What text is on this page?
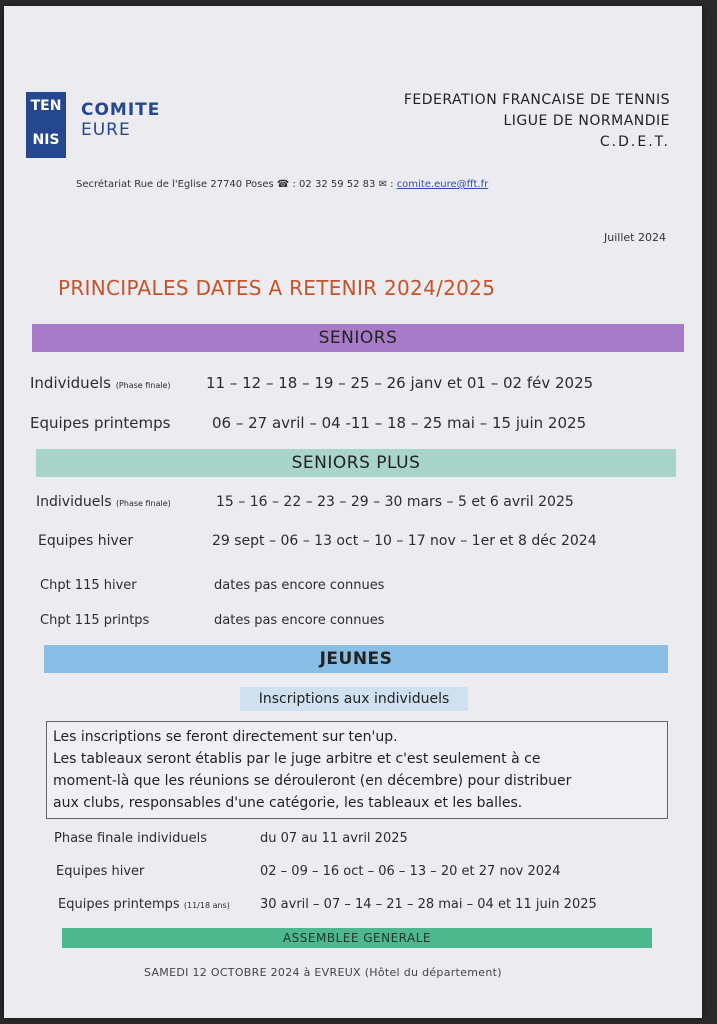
TEN
NIS
COMITE
EURE
FEDERATION FRANCAISE DE TENNIS
LIGUE DE NORMANDIE
C.D.E.T.
Secrétariat Rue de l'Eglise 27740 Poses ☎ : 02 32 59 52 83 ✉ : comite.eure@fft.fr
Juillet 2024
PRINCIPALES DATES A RETENIR 2024/2025
SENIORS
Individuels (Phase finale) 11 – 12 – 18 – 19 – 25 – 26 janv et 01 – 02 fév 2025
Equipes printemps	06 – 27 avril – 04 -11 – 18 – 25 mai – 15 juin 2025
SENIORS PLUS
Individuels (Phase finale)	15 – 16 – 22 – 23 – 29 – 30 mars – 5 et 6 avril 2025
Equipes hiver	29 sept – 06 – 13 oct – 10 – 17 nov – 1er et 8 déc 2024
Chpt 115 hiver	dates pas encore connues
Chpt 115 printps	dates pas encore connues
JEUNES
Inscriptions aux individuels

Les inscriptions se feront directement sur ten'up.
Les tableaux seront établis par le juge arbitre et c'est seulement à ce
moment-là que les réunions se dérouleront (en décembre) pour distribuer
aux clubs, responsables d'une catégorie, les tableaux et les balles.

Phase finale individuels	du 07 au 11 avril 2025
Equipes hiver	02 – 09 – 16 oct – 06 – 13 – 20 et 27 nov 2024
Equipes printemps (11/18 ans) 30 avril – 07 – 14 – 21 – 28 mai – 04 et 11 juin 2025
ASSEMBLEE GENERALE
SAMEDI 12 OCTOBRE 2024 à EVREUX (Hôtel du département)
